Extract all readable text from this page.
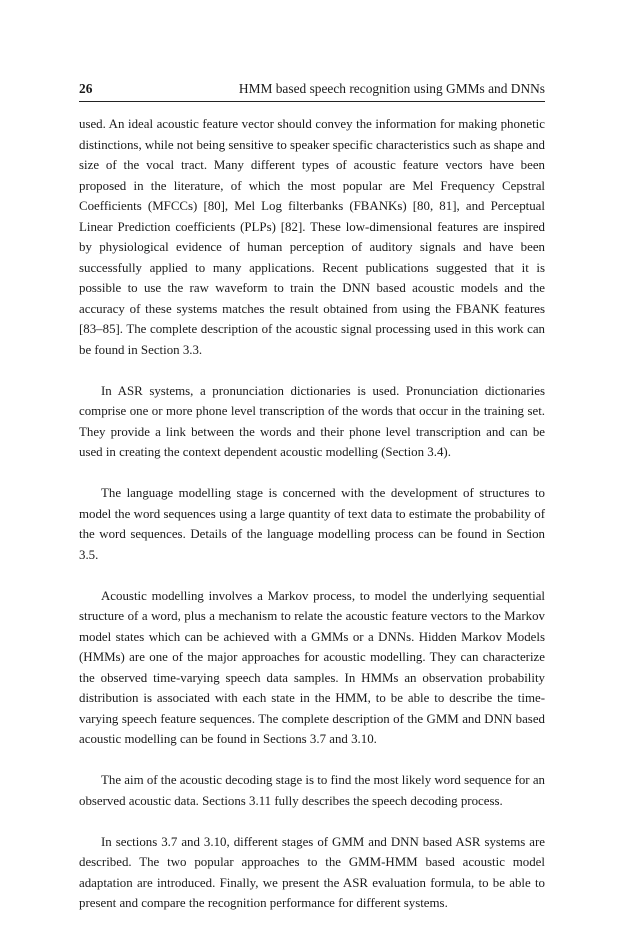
26	HMM based speech recognition using GMMs and DNNs

used. An ideal acoustic feature vector should convey the information for making phonetic distinctions, while not being sensitive to speaker specific characteristics such as shape and size of the vocal tract. Many different types of acoustic feature vectors have been proposed in the literature, of which the most popular are Mel Frequency Cepstral Coefficients (MFCCs) [80], Mel Log filterbanks (FBANKs) [80, 81], and Perceptual Linear Prediction coefficients (PLPs) [82]. These low-dimensional features are inspired by physiological evidence of human perception of auditory signals and have been successfully applied to many applications. Recent publications suggested that it is possible to use the raw waveform to train the DNN based acoustic models and the accuracy of these systems matches the result obtained from using the FBANK features [83–85]. The complete description of the acoustic signal processing used in this work can be found in Section 3.3.

In ASR systems, a pronunciation dictionaries is used. Pronunciation dictionaries comprise one or more phone level transcription of the words that occur in the training set. They provide a link between the words and their phone level transcription and can be used in creating the context dependent acoustic modelling (Section 3.4).

The language modelling stage is concerned with the development of structures to model the word sequences using a large quantity of text data to estimate the probability of the word sequences. Details of the language modelling process can be found in Section 3.5.

Acoustic modelling involves a Markov process, to model the underlying sequential structure of a word, plus a mechanism to relate the acoustic feature vectors to the Markov model states which can be achieved with a GMMs or a DNNs. Hidden Markov Models (HMMs) are one of the major approaches for acoustic modelling. They can characterize the observed time-varying speech data samples. In HMMs an observation probability distribution is associated with each state in the HMM, to be able to describe the time-varying speech feature sequences. The complete description of the GMM and DNN based acoustic modelling can be found in Sections 3.7 and 3.10.

The aim of the acoustic decoding stage is to find the most likely word sequence for an observed acoustic data. Sections 3.11 fully describes the speech decoding process.

In sections 3.7 and 3.10, different stages of GMM and DNN based ASR systems are described. The two popular approaches to the GMM-HMM based acoustic model adaptation are introduced. Finally, we present the ASR evaluation formula, to be able to present and compare the recognition performance for different systems.
